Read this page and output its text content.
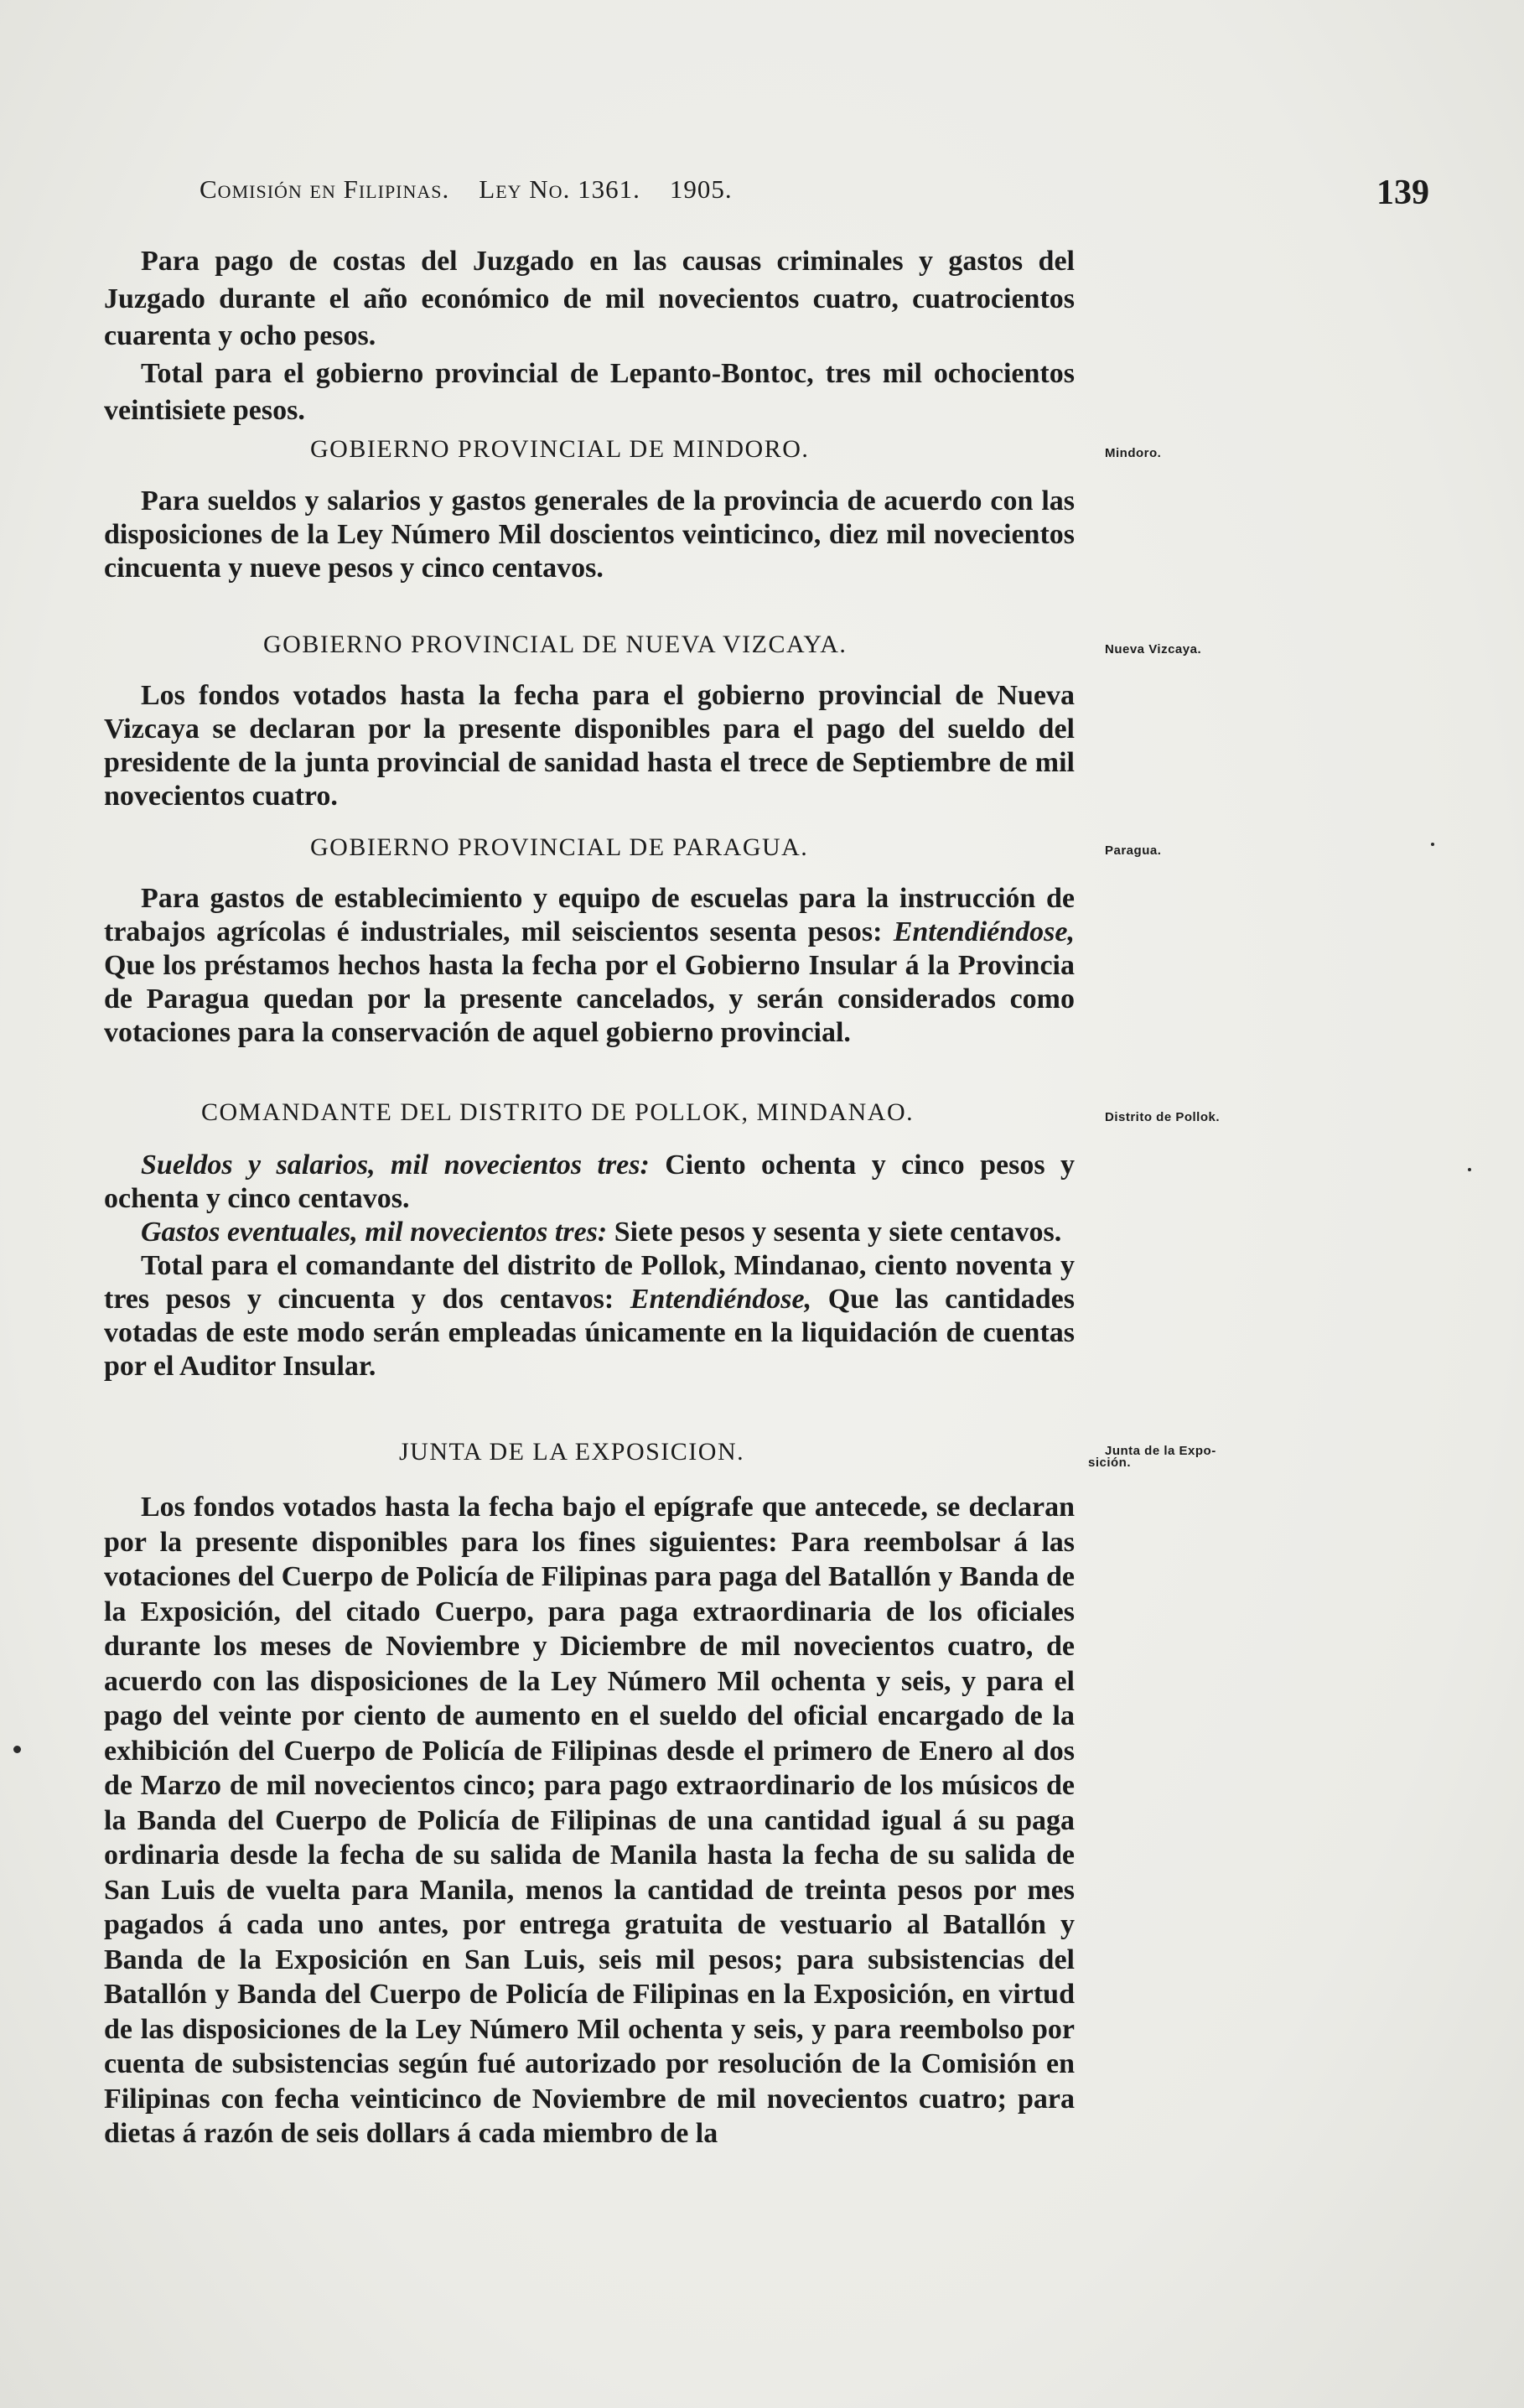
Comisión en Filipinas. Ley No. 1361. 1905.	139

Para pago de costas del Juzgado en las causas criminales y gastos del Juzgado durante el año económico de mil novecientos cuatro, cuatrocientos cuarenta y ocho pesos.

Total para el gobierno provincial de Lepanto-Bontoc, tres mil ochocientos veintisiete pesos.

GOBIERNO PROVINCIAL DE MINDORO.	Mindoro.

Para sueldos y salarios y gastos generales de la provincia de acuerdo con las disposiciones de la Ley Número Mil doscientos veinticinco, diez mil novecientos cincuenta y nueve pesos y cinco centavos.

GOBIERNO PROVINCIAL DE NUEVA VIZCAYA.	Nueva Vizcaya.

Los fondos votados hasta la fecha para el gobierno provincial de Nueva Vizcaya se declaran por la presente disponibles para el pago del sueldo del presidente de la junta provincial de sanidad hasta el trece de Septiembre de mil novecientos cuatro.

GOBIERNO PROVINCIAL DE PARAGUA.	Paragua.

Para gastos de establecimiento y equipo de escuelas para la instrucción de trabajos agrícolas é industriales, mil seiscientos sesenta pesos: Entendiéndose, Que los préstamos hechos hasta la fecha por el Gobierno Insular á la Provincia de Paragua quedan por la presente cancelados, y serán considerados como votaciones para la conservación de aquel gobierno provincial.

COMANDANTE DEL DISTRITO DE POLLOK, MINDANAO.	Distrito de Pollok.

Sueldos y salarios, mil novecientos tres: Ciento ochenta y cinco pesos y ochenta y cinco centavos.

Gastos eventuales, mil novecientos tres: Siete pesos y sesenta y siete centavos.

Total para el comandante del distrito de Pollok, Mindanao, ciento noventa y tres pesos y cincuenta y dos centavos: Entendiéndose, Que las cantidades votadas de este modo serán empleadas únicamente en la liquidación de cuentas por el Auditor Insular.

JUNTA DE LA EXPOSICION.	Junta de la Expo-
sición.

Los fondos votados hasta la fecha bajo el epígrafe que antecede, se declaran por la presente disponibles para los fines siguientes: Para reembolsar á las votaciones del Cuerpo de Policía de Filipinas para paga del Batallón y Banda de la Exposición, del citado Cuerpo, para paga extraordinaria de los oficiales durante los meses de Noviembre y Diciembre de mil novecientos cuatro, de acuerdo con las disposiciones de la Ley Número Mil ochenta y seis, y para el pago del veinte por ciento de aumento en el sueldo del oficial encargado de la exhibición del Cuerpo de Policía de Filipinas desde el primero de Enero al dos de Marzo de mil novecientos cinco; para pago extraordinario de los músicos de la Banda del Cuerpo de Policía de Filipinas de una cantidad igual á su paga ordinaria desde la fecha de su salida de Manila hasta la fecha de su salida de San Luis de vuelta para Manila, menos la cantidad de treinta pesos por mes pagados á cada uno antes, por entrega gratuita de vestuario al Batallón y Banda de la Exposición en San Luis, seis mil pesos; para subsistencias del Batallón y Banda del Cuerpo de Policía de Filipinas en la Exposición, en virtud de las disposiciones de la Ley Número Mil ochenta y seis, y para reembolso por cuenta de subsistencias según fué autorizado por resolución de la Comisión en Filipinas con fecha veinticinco de Noviembre de mil novecientos cuatro; para dietas á razón de seis dollars á cada miembro de la
